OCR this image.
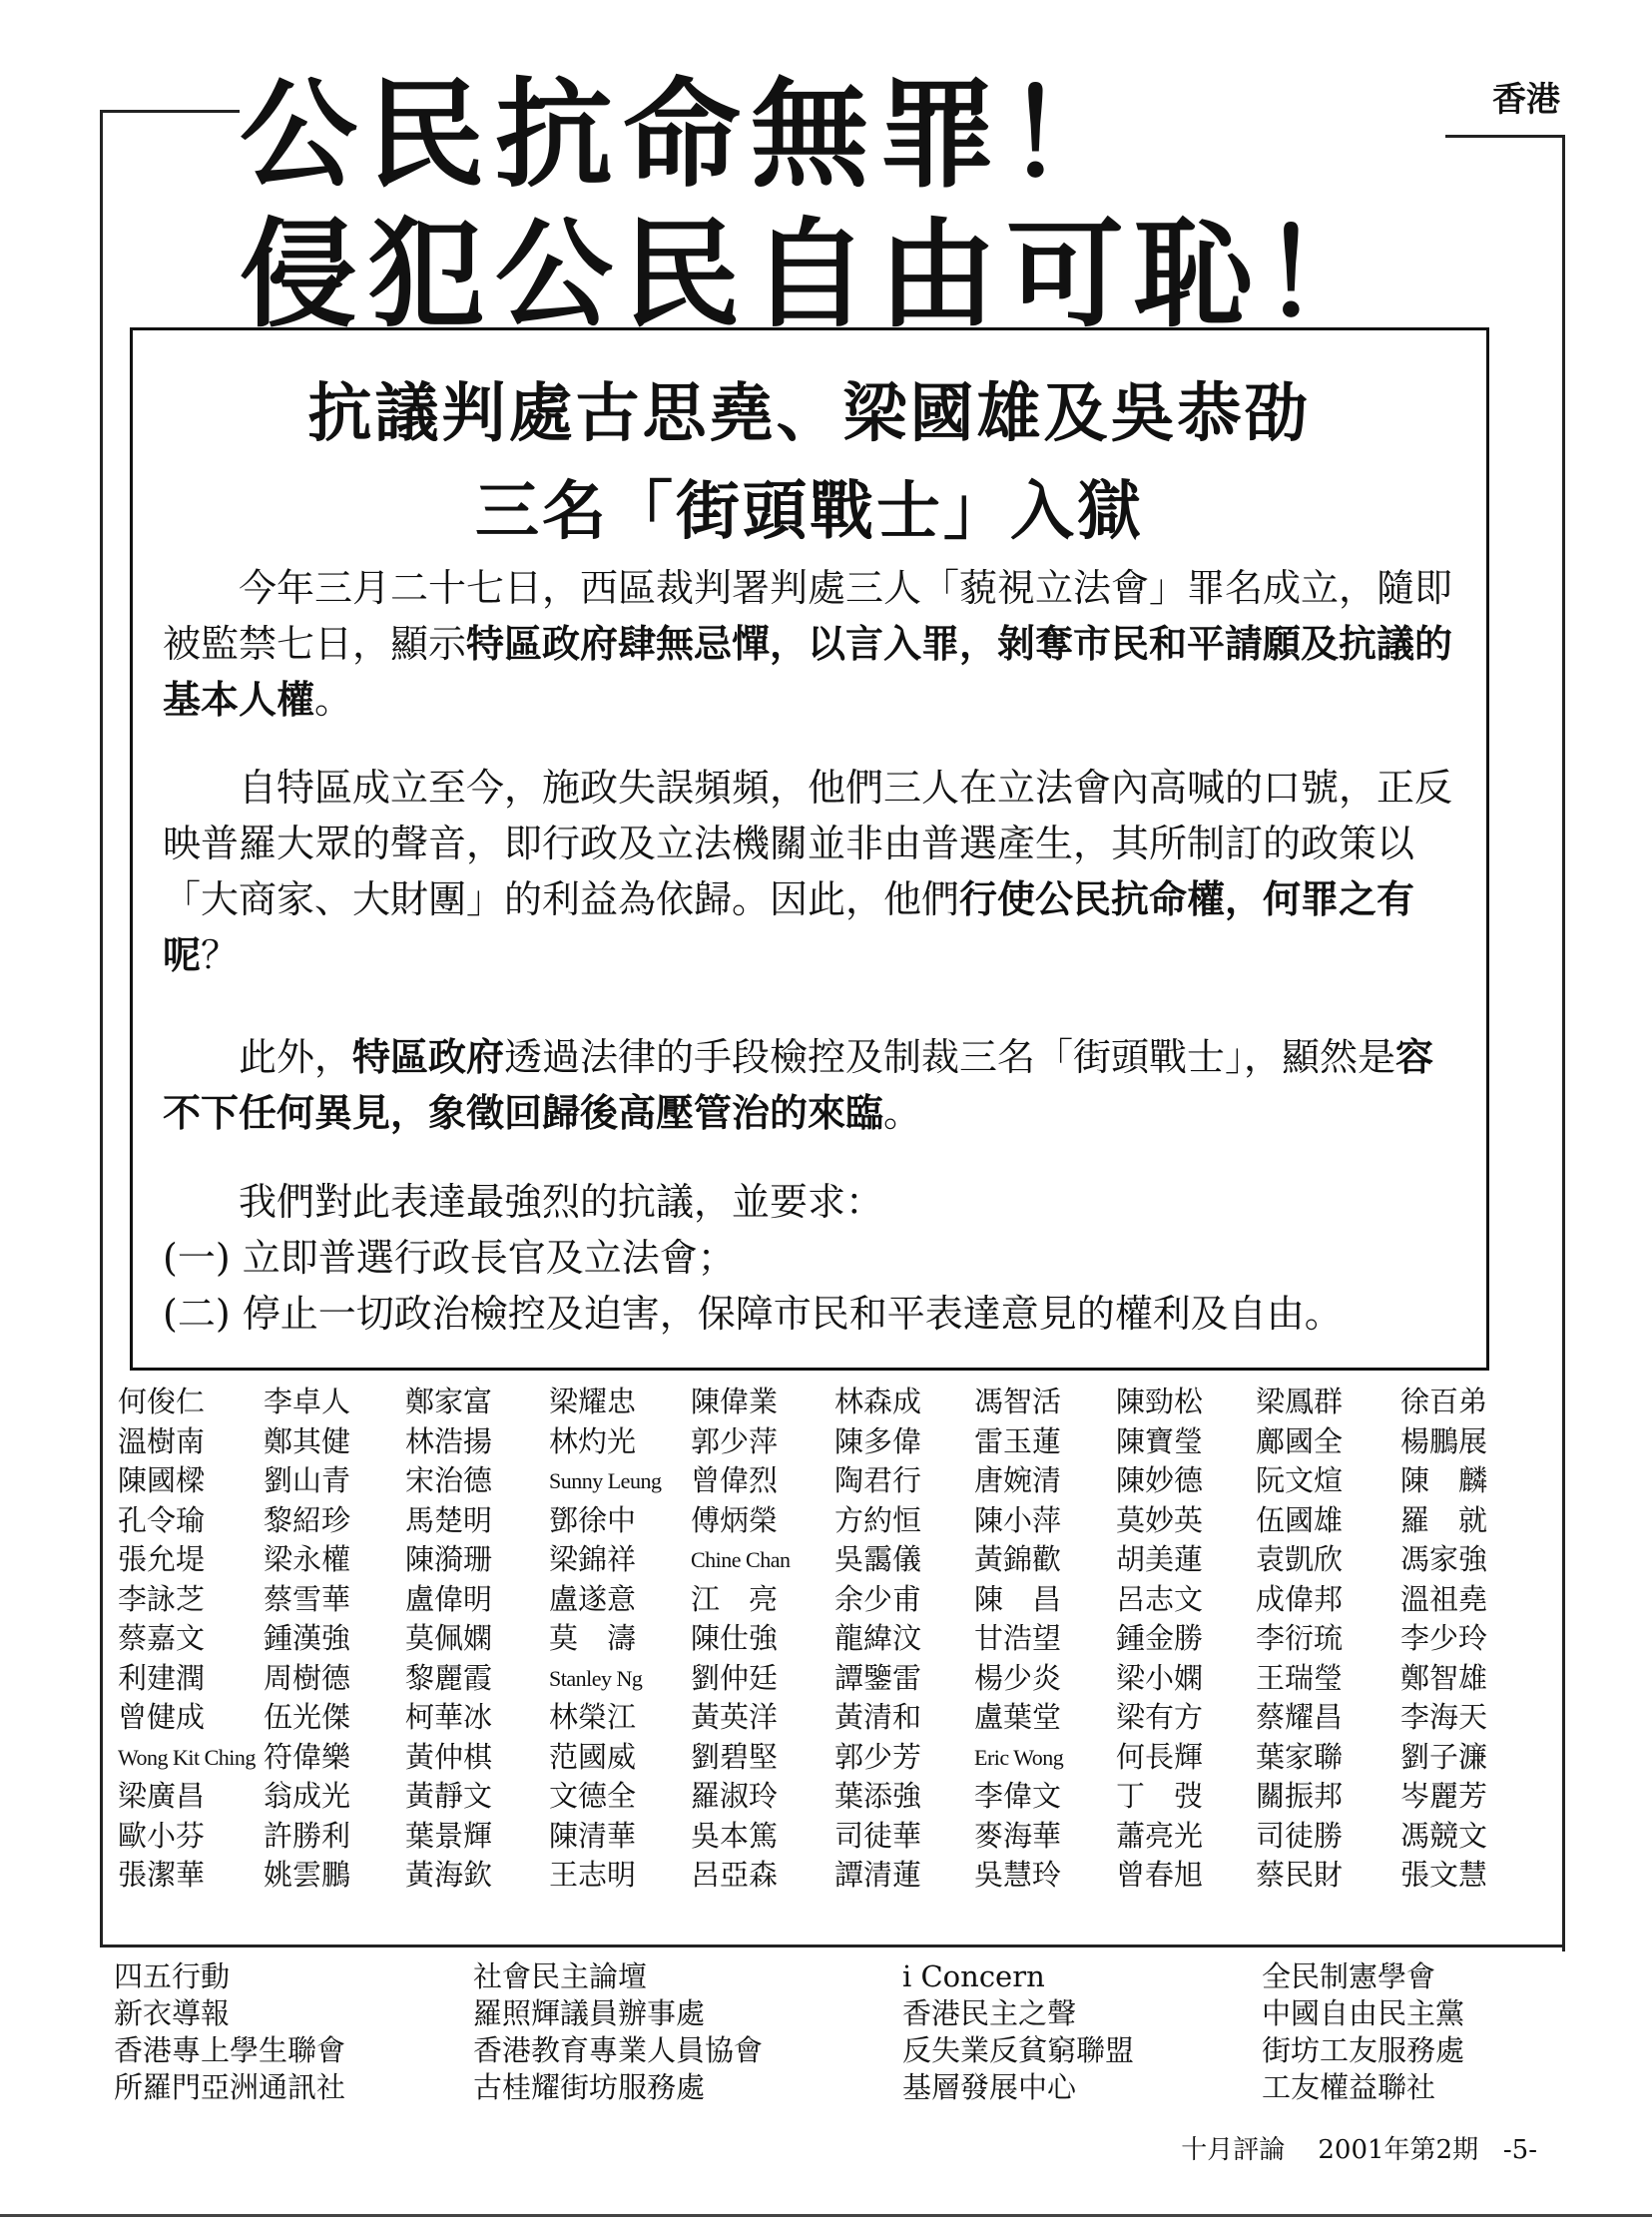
香港
公民抗命無罪！
侵犯公民自由可恥！
抗議判處古思堯、梁國雄及吳恭劭
三名「街頭戰士」入獄
今年三月二十七日，西區裁判署判處三人「藐視立法會」罪名成立，隨即被監禁七日，顯示特區政府肆無忌憚，以言入罪，剝奪市民和平請願及抗議的基本人權。
自特區成立至今，施政失誤頻頻，他們三人在立法會內高喊的口號，正反映普羅大眾的聲音，即行政及立法機關並非由普選產生，其所制訂的政策以「大商家、大財團」的利益為依歸。因此，他們行使公民抗命權，何罪之有呢？
此外，特區政府透過法律的手段檢控及制裁三名「街頭戰士」，顯然是容不下任何異見，象徵回歸後高壓管治的來臨。
我們對此表達最強烈的抗議，並要求：
(一) 立即普選行政長官及立法會；
(二) 停止一切政治檢控及迫害，保障市民和平表達意見的權利及自由。
何俊仁
溫樹南
陳國樑
孔令瑜
張允堤
李詠芝
蔡嘉文
利建潤
曾健成
Wong Kit Ching
梁廣昌
歐小芬
張潔華
李卓人
鄭其健
劉山青
黎紹珍
梁永權
蔡雪華
鍾漢強
周樹德
伍光傑
符偉樂
翁成光
許勝利
姚雲鵬
鄭家富
林浩揚
宋治德
馬楚明
陳漪珊
盧偉明
莫佩嫻
黎麗霞
柯華冰
黃仲棋
黃靜文
葉景輝
黃海欽
梁耀忠
林灼光
Sunny Leung
鄧徐中
梁錦祥
盧遂意
莫　濤
Stanley Ng
林榮江
范國威
文德全
陳清華
王志明
陳偉業
郭少萍
曾偉烈
傅炳榮
Chine Chan
江　亮
陳仕強
劉仲廷
黃英洋
劉碧堅
羅淑玲
吳本篤
呂亞森
林森成
陳多偉
陶君行
方約恒
吳靄儀
余少甫
龍緯汶
譚鑒雷
黃清和
郭少芳
葉添強
司徒華
譚清蓮
馮智活
雷玉蓮
唐婉清
陳小萍
黃錦歡
陳　昌
甘浩望
楊少炎
盧葉堂
Eric Wong
李偉文
麥海華
吳慧玲
陳勁松
陳寶瑩
陳妙德
莫妙英
胡美蓮
呂志文
鍾金勝
梁小嫻
梁有方
何長輝
丁　弢
蕭亮光
曾春旭
梁鳳群
鄺國全
阮文煊
伍國雄
袁凱欣
成偉邦
李衍琉
王瑞瑩
蔡耀昌
葉家聯
關振邦
司徒勝
蔡民財
徐百弟
楊鵬展
陳　麟
羅　就
馮家強
溫祖堯
李少玲
鄭智雄
李海天
劉子濂
岑麗芳
馮競文
張文慧
四五行動
新衣導報
香港專上學生聯會
所羅門亞洲通訊社
社會民主論壇
羅照輝議員辦事處
香港教育專業人員協會
古桂耀街坊服務處
i Concern
香港民主之聲
反失業反貧窮聯盟
基層發展中心
全民制憲學會
中國自由民主黨
街坊工友服務處
工友權益聯社
十月評論 2001年第2期 -5-
